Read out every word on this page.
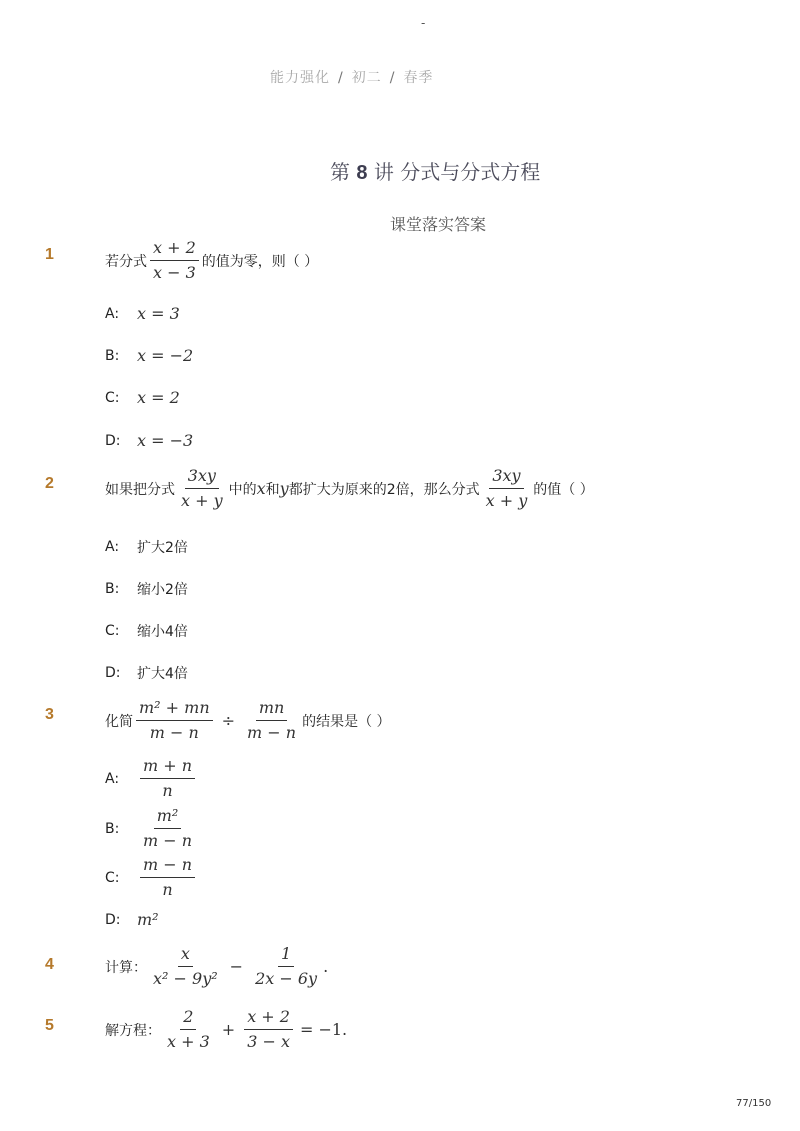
-
能力强化 / 初二 / 春季
第 8 讲 分式与分式方程
课堂落实答案
1	若分式 $\frac{x + 2}{x - 3}$ 的值为零，则（ ）
A:	x = 3
B:	x = −2
C:	x = 2
D:	x = −3
2	如果把分式 $\frac{3xy}{x + y}$ 中的 x 和 y 都扩大为原来的2倍，那么分式 $\frac{3xy}{x + y}$ 的值（ ）
A:	扩大2倍
B:	缩小2倍
C:	缩小4倍
D:	扩大4倍
3	化简 $\frac{\text{m² + mn}}{m - n} \div \frac{mn}{m - n}$ 的结果是（ ）
A:	$\frac{m + n}{n}$
B:	$\frac{\text{m²}}{m - n}$
C:	$\frac{m - n}{n}$
D:	m²
4	计算： $\frac{x}{\text{x² − 9y²}} - \frac{1}{2x - 6y}$ .
5	解方程： $\frac{2}{x + 3} + \frac{x + 2}{3 - x} = -1$.
77/150
